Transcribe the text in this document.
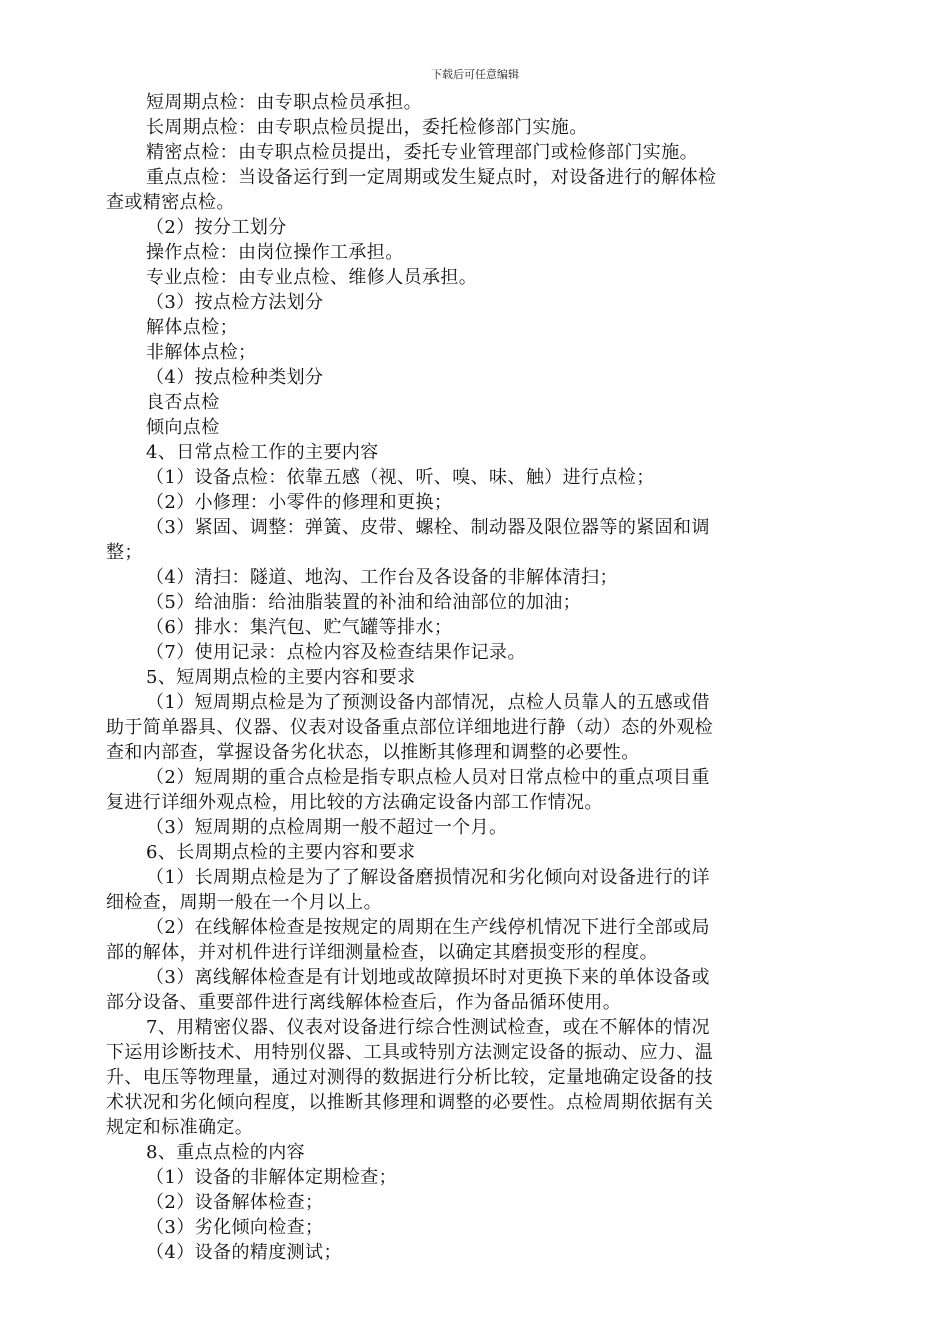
下载后可任意编辑
短周期点检：由专职点检员承担。
长周期点检：由专职点检员提出，委托检修部门实施。
精密点检：由专职点检员提出，委托专业管理部门或检修部门实施。
重点点检：当设备运行到一定周期或发生疑点时，对设备进行的解体检
查或精密点检。
（2）按分工划分
操作点检：由岗位操作工承担。
专业点检：由专业点检、维修人员承担。
（3）按点检方法划分
解体点检；
非解体点检；
（4）按点检种类划分
良否点检
倾向点检
4、日常点检工作的主要内容
（1）设备点检：依靠五感（视、听、嗅、味、触）进行点检；
（2）小修理：小零件的修理和更换；
（3）紧固、调整：弹簧、皮带、螺栓、制动器及限位器等的紧固和调
整；
（4）清扫：隧道、地沟、工作台及各设备的非解体清扫；
（5）给油脂：给油脂装置的补油和给油部位的加油；
（6）排水：集汽包、贮气罐等排水；
（7）使用记录：点检内容及检查结果作记录。
5、短周期点检的主要内容和要求
（1）短周期点检是为了预测设备内部情况，点检人员靠人的五感或借
助于简单器具、仪器、仪表对设备重点部位详细地进行静（动）态的外观检
查和内部查，掌握设备劣化状态，以推断其修理和调整的必要性。
（2）短周期的重合点检是指专职点检人员对日常点检中的重点项目重
复进行详细外观点检，用比较的方法确定设备内部工作情况。
（3）短周期的点检周期一般不超过一个月。
6、长周期点检的主要内容和要求
（1）长周期点检是为了了解设备磨损情况和劣化倾向对设备进行的详
细检查，周期一般在一个月以上。
（2）在线解体检查是按规定的周期在生产线停机情况下进行全部或局
部的解体，并对机件进行详细测量检查，以确定其磨损变形的程度。
（3）离线解体检查是有计划地或故障损坏时对更换下来的单体设备或
部分设备、重要部件进行离线解体检查后，作为备品循环使用。
7、用精密仪器、仪表对设备进行综合性测试检查，或在不解体的情况
下运用诊断技术、用特别仪器、工具或特别方法测定设备的振动、应力、温
升、电压等物理量，通过对测得的数据进行分析比较，定量地确定设备的技
术状况和劣化倾向程度，以推断其修理和调整的必要性。点检周期依据有关
规定和标准确定。
8、重点点检的内容
（1）设备的非解体定期检查；
（2）设备解体检查；
（3）劣化倾向检查；
（4）设备的精度测试；
